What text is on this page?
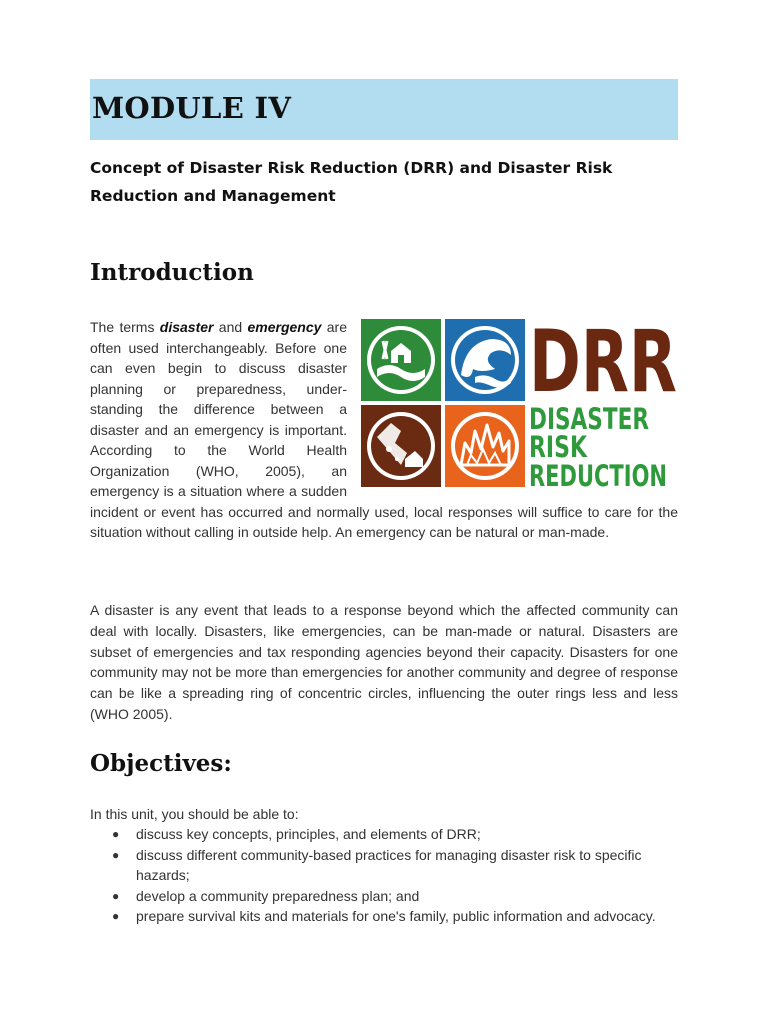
MODULE IV
Concept of Disaster Risk Reduction (DRR) and Disaster Risk Reduction and Management
Introduction
DRR
DISASTER
RISK
REDUCTION

The terms disaster and emergency are often used interchangeably. Before one can even begin to discuss disaster planning or preparedness, under-standing the difference between a disaster and an emergency is important. According to the World Health Organization (WHO, 2005), an emergency is a situation where a sudden incident or event has occurred and normally used, local responses will suffice to care for the situation without calling in outside help. An emergency can be natural or man-made.

A disaster is any event that leads to a response beyond which the affected community can deal with locally. Disasters, like emergencies, can be man-made or natural. Disasters are subset of emergencies and tax responding agencies beyond their capacity. Disasters for one community may not be more than emergencies for another community and degree of response can be like a spreading ring of concentric circles, influencing the outer rings less and less (WHO 2005).

Objectives:

In this unit, you should be able to:

● discuss key concepts, principles, and elements of DRR;
● discuss different community-based practices for managing disaster risk to specific hazards;
● develop a community preparedness plan; and
● prepare survival kits and materials for one's family, public information and advocacy.
